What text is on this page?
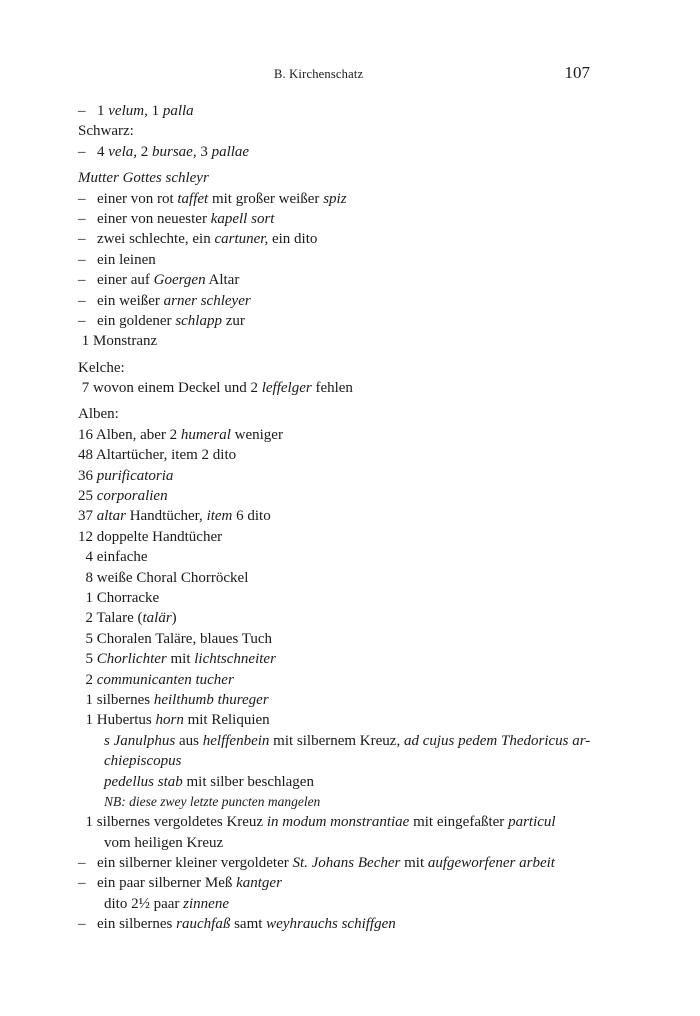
B. Kirchenschatz	107
– 1 velum, 1 palla
Schwarz:
– 4 vela, 2 bursae, 3 pallae
Mutter Gottes schleyr
– einer von rot taffet mit großer weißer spiz
– einer von neuester kapell sort
– zwei schlechte, ein cartuner, ein dito
– ein leinen
– einer auf Goergen Altar
– ein weißer arner schleyer
– ein goldener schlapp zur
1 Monstranz
Kelche:
7 wovon einem Deckel und 2 leffelger fehlen
Alben:
16 Alben, aber 2 humeral weniger
48 Altartücher, item 2 dito
36 purificatoria
25 corporalien
37 altar Handtücher, item 6 dito
12 doppelte Handtücher
4 einfache
8 weiße Choral Chorröckel
1 Chorracke
2 Talare (talär)
5 Choralen Taläre, blaues Tuch
5 Chorlichter mit lichtschneiter
2 communicanten tucher
1 silbernes heilthumb thureger
1 Hubertus horn mit Reliquien
s Janulphus aus helffenbein mit silbernem Kreuz, ad cujus pedem Thedoricus ar-
chiepiscopus
pedellus stab mit silber beschlagen
NB: diese zwey letzte puncten mangelen
1 silbernes vergoldetes Kreuz in modum monstrantiae mit eingefaßter particul
vom heiligen Kreuz
– ein silberner kleiner vergoldeter St. Johans Becher mit aufgeworfener arbeit
– ein paar silberner Meß kantger
dito 2½ paar zinnene
– ein silbernes rauchfaß samt weyhrauchs schiffgen
